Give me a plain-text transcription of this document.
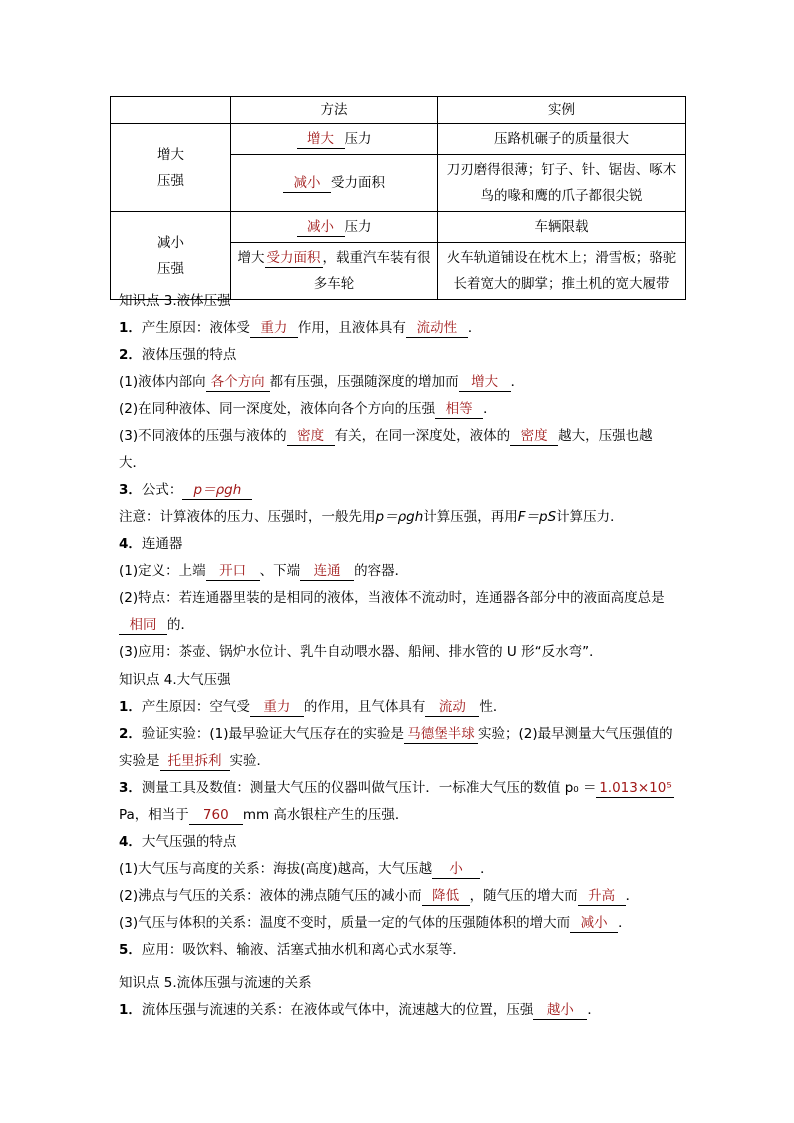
	方法	实例

增大
压强	增大 压力	压路机碾子的质量很大
	减小 受力面积	刀刃磨得很薄；钉子、针、锯齿、啄木鸟的喙和鹰的爪子都很尖锐

减小
压强	减小 压力	车辆限载
	增大 受力面积 ，载重汽车装有很多车轮	火车轨道铺设在枕木上；滑雪板；骆驼长着宽大的脚掌；推土机的宽大履带
知识点 3.液体压强
1．产生原因：液体受 重力 作用，且液体具有 流动性 ．
2．液体压强的特点
(1)液体内部向 各个方向 都有压强，压强随深度的增加而 增大 ．
(2)在同种液体、同一深度处，液体向各个方向的压强 相等 ．
(3)不同液体的压强与液体的 密度 有关，在同一深度处，液体的 密度 越大，压强也越大．
3．公式： p＝ρgh
注意：计算液体的压力、压强时，一般先用p＝ρgh计算压强，再用F＝pS计算压力．
4．连通器
(1)定义：上端 开口 、下端 连通 的容器．
(2)特点：若连通器里装的是相同的液体，当液体不流动时，连通器各部分中的液面高度总是相同 的．
(3)应用：茶壶、锅炉水位计、乳牛自动喂水器、船闸、排水管的 U 形“反水弯”．
知识点 4.大气压强
1．产生原因：空气受 重力 的作用，且气体具有 流动 性．
2．验证实验：(1)最早验证大气压存在的实验是 马德堡半球 实验；(2)最早测量大气压强值的实验是 托里拆利 实验．
3．测量工具及数值：测量大气压的仪器叫做气压计．一标准大气压的数值 p₀ ＝ 1.013×10⁵Pa，相当于 760 mm 高水银柱产生的压强．
4．大气压强的特点
(1)大气压与高度的关系：海拔(高度)越高，大气压越 小 ．
(2)沸点与气压的关系：液体的沸点随气压的减小而 降低 ，随气压的增大而 升高 ．
(3)气压与体积的关系：温度不变时，质量一定的气体的压强随体积的增大而 减小 ．
5．应用：吸饮料、输液、活塞式抽水机和离心式水泵等．
知识点 5.流体压强与流速的关系
1．流体压强与流速的关系：在液体或气体中，流速越大的位置，压强 越小 ．
